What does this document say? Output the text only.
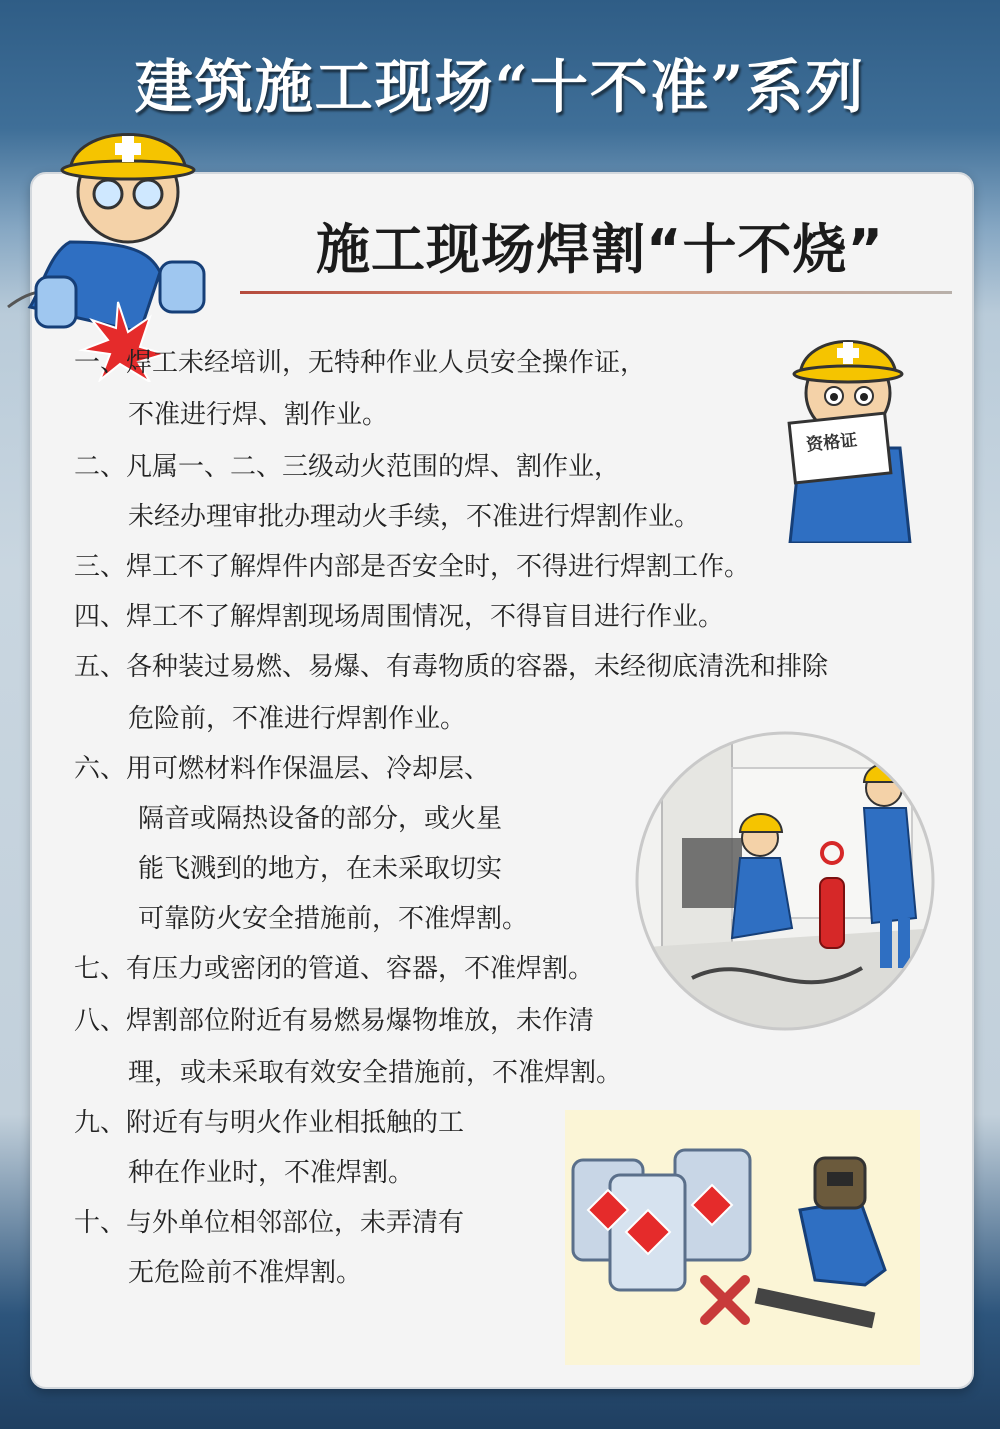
建筑施工现场“十不准”系列
施工现场焊割“十不烧”
资格证
一、焊工未经培训，无特种作业人员安全操作证，
不准进行焊、割作业。
二、凡属一、二、三级动火范围的焊、割作业，
未经办理审批办理动火手续，不准进行焊割作业。
三、焊工不了解焊件内部是否安全时，不得进行焊割工作。
四、焊工不了解焊割现场周围情况，不得盲目进行作业。
五、各种装过易燃、易爆、有毒物质的容器，未经彻底清洗和排除
危险前，不准进行焊割作业。
六、用可燃材料作保温层、冷却层、
隔音或隔热设备的部分，或火星
能飞溅到的地方，在未采取切实
可靠防火安全措施前，不准焊割。
七、有压力或密闭的管道、容器，不准焊割。
八、焊割部位附近有易燃易爆物堆放，未作清
理，或未采取有效安全措施前，不准焊割。
九、附近有与明火作业相抵触的工
种在作业时，不准焊割。
十、与外单位相邻部位，未弄清有
无危险前不准焊割。
